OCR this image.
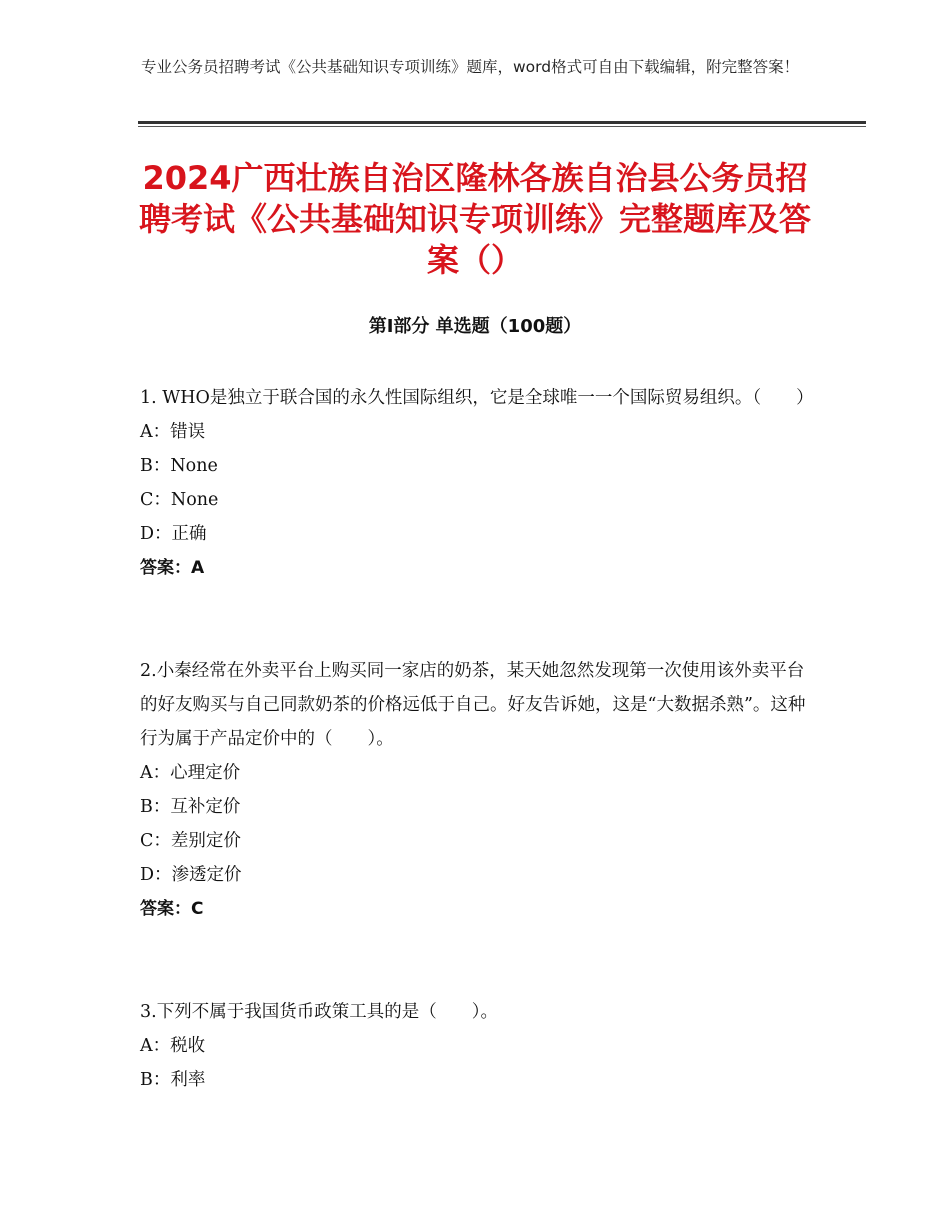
专业公务员招聘考试《公共基础知识专项训练》题库，word格式可自由下载编辑，附完整答案！
2024广西壮族自治区隆林各族自治县公务员招聘考试《公共基础知识专项训练》完整题库及答案（）
第I部分 单选题（100题）

1. WHO是独立于联合国的永久性国际组织，它是全球唯一一个国际贸易组织。（　　）

A：错误

B：None

C：None

D：正确

答案：A

2.小秦经常在外卖平台上购买同一家店的奶茶，某天她忽然发现第一次使用该外卖平台的好友购买与自己同款奶茶的价格远低于自己。好友告诉她，这是“大数据杀熟”。这种行为属于产品定价中的（　　）。

A：心理定价

B：互补定价

C：差别定价

D：渗透定价

答案：C

3.下列不属于我国货币政策工具的是（　　）。

A：税收

B：利率
